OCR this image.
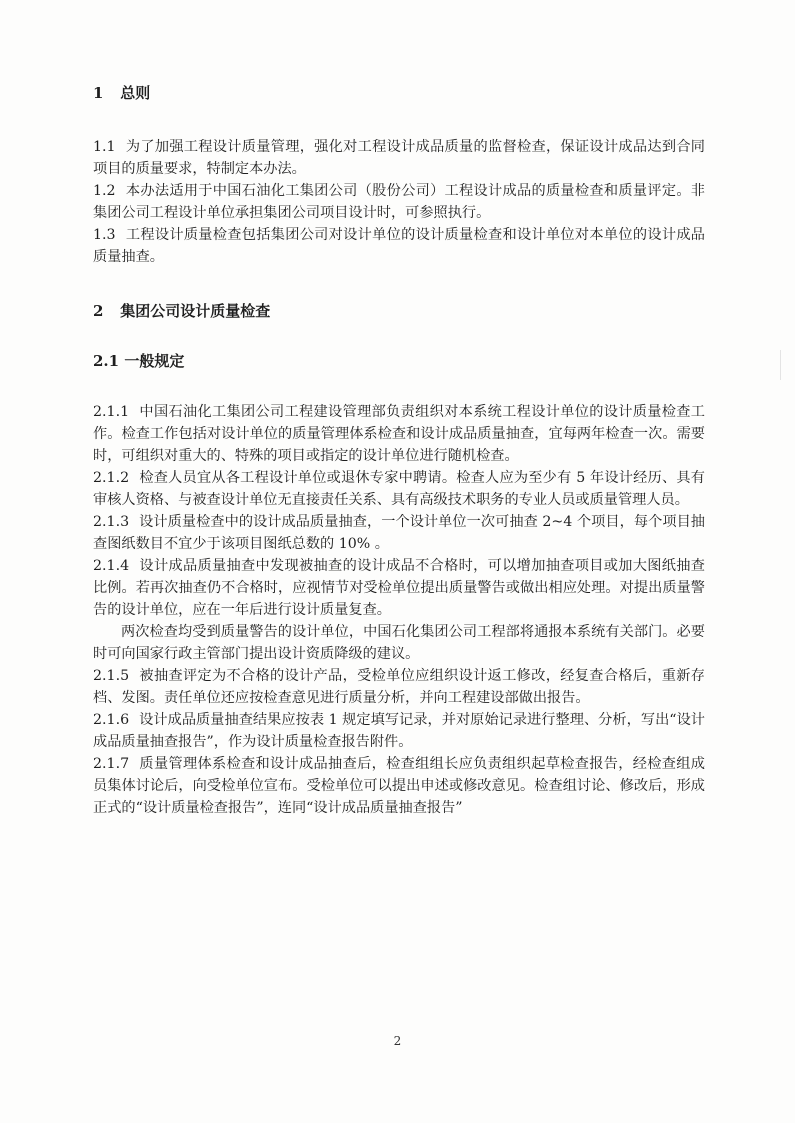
1 总则

1.1 为了加强工程设计质量管理，强化对工程设计成品质量的监督检查，保证设计成品达到合同项目的质量要求，特制定本办法。

1.2 本办法适用于中国石油化工集团公司（股份公司）工程设计成品的质量检查和质量评定。非集团公司工程设计单位承担集团公司项目设计时，可参照执行。

1.3 工程设计质量检查包括集团公司对设计单位的设计质量检查和设计单位对本单位的设计成品质量抽查。

2 集团公司设计质量检查
2.1 一般规定

2.1.1 中国石油化工集团公司工程建设管理部负责组织对本系统工程设计单位的设计质量检查工作。检查工作包括对设计单位的质量管理体系检查和设计成品质量抽查，宜每两年检查一次。需要时，可组织对重大的、特殊的项目或指定的设计单位进行随机检查。

2.1.2 检查人员宜从各工程设计单位或退休专家中聘请。检查人应为至少有 5 年设计经历、具有审核人资格、与被查设计单位无直接责任关系、具有高级技术职务的专业人员或质量管理人员。

2.1.3 设计质量检查中的设计成品质量抽查，一个设计单位一次可抽查 2~4 个项目，每个项目抽查图纸数目不宜少于该项目图纸总数的 10% 。

2.1.4 设计成品质量抽查中发现被抽查的设计成品不合格时，可以增加抽查项目或加大图纸抽查比例。若再次抽查仍不合格时，应视情节对受检单位提出质量警告或做出相应处理。对提出质量警告的设计单位，应在一年后进行设计质量复查。

两次检查均受到质量警告的设计单位，中国石化集团公司工程部将通报本系统有关部门。必要时可向国家行政主管部门提出设计资质降级的建议。

2.1.5 被抽查评定为不合格的设计产品，受检单位应组织设计返工修改，经复查合格后，重新存档、发图。责任单位还应按检查意见进行质量分析，并向工程建设部做出报告。

2.1.6 设计成品质量抽查结果应按表 1 规定填写记录，并对原始记录进行整理、分析，写出“设计成品质量抽查报告”，作为设计质量检查报告附件。

2.1.7 质量管理体系检查和设计成品抽查后，检查组组长应负责组织起草检查报告，经检查组成员集体讨论后，向受检单位宣布。受检单位可以提出申述或修改意见。检查组讨论、修改后，形成正式的“设计质量检查报告”，连同“设计成品质量抽查报告”

2
